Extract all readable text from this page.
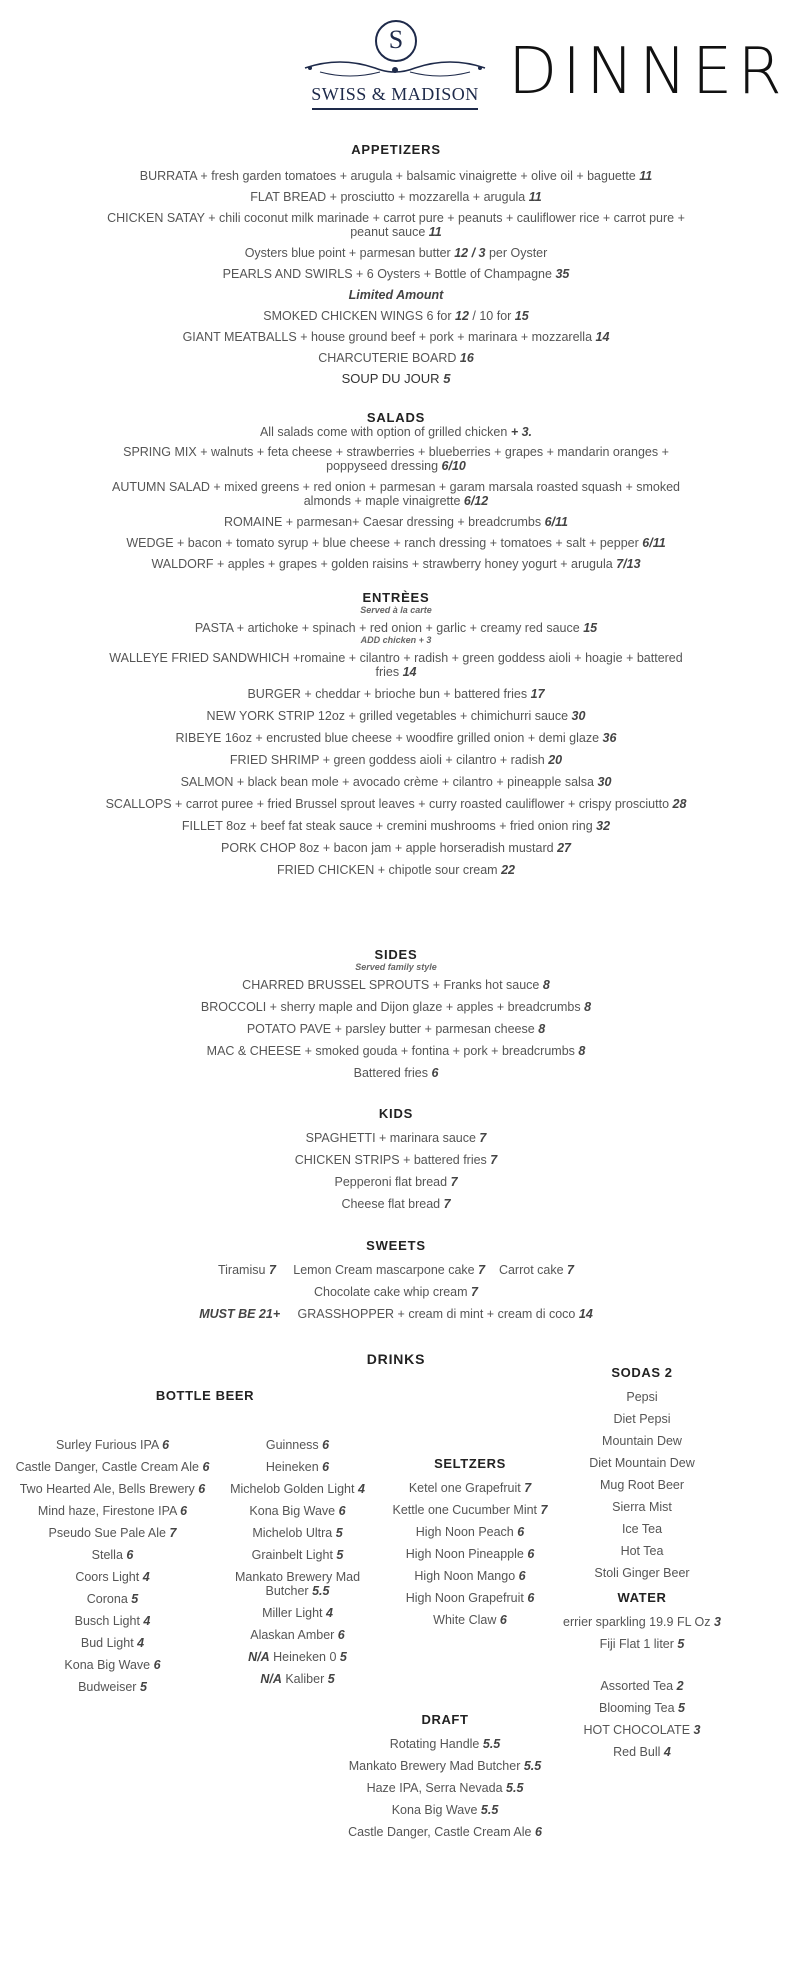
S
SWISS & MADISON DINNER
APPETIZERS
BURRATA + fresh garden tomatoes + arugula + balsamic vinaigrette + olive oil + baguette 11
FLAT BREAD + prosciutto + mozzarella + arugula 11
CHICKEN SATAY + chili coconut milk marinade + carrot pure + peanuts + cauliflower rice + carrot pure + peanut sauce 11
Oysters blue point + parmesan butter 12 / 3 per Oyster
PEARLS AND SWIRLS + 6 Oysters + Bottle of Champagne 35
Limited Amount
SMOKED CHICKEN WINGS 6 for 12 / 10 for 15
GIANT MEATBALLS + house ground beef + pork + marinara + mozzarella 14
CHARCUTERIE BOARD 16
SOUP DU JOUR 5
SALADS
All salads come with option of grilled chicken + 3.
SPRING MIX + walnuts + feta cheese + strawberries + blueberries + grapes + mandarin oranges + poppyseed dressing 6/10
AUTUMN SALAD + mixed greens + red onion + parmesan + garam marsala roasted squash + smoked almonds + maple vinaigrette 6/12
ROMAINE + parmesan+ Caesar dressing + breadcrumbs 6/11
WEDGE + bacon + tomato syrup + blue cheese + ranch dressing + tomatoes + salt + pepper 6/11
WALDORF + apples + grapes + golden raisins + strawberry honey yogurt + arugula 7/13
ENTRÈES
Served à la carte
PASTA + artichoke + spinach + red onion + garlic + creamy red sauce 15
ADD chicken + 3
WALLEYE FRIED SANDWHICH +romaine + cilantro + radish + green goddess aioli + hoagie + battered fries 14
BURGER + cheddar + brioche bun + battered fries 17
NEW YORK STRIP 12oz + grilled vegetables + chimichurri sauce 30
RIBEYE 16oz + encrusted blue cheese + woodfire grilled onion + demi glaze 36
FRIED SHRIMP + green goddess aioli + cilantro + radish 20
SALMON + black bean mole + avocado crème + cilantro + pineapple salsa 30
SCALLOPS + carrot puree + fried Brussel sprout leaves + curry roasted cauliflower + crispy prosciutto 28
FILLET 8oz + beef fat steak sauce + cremini mushrooms + fried onion ring 32
PORK CHOP 8oz + bacon jam + apple horseradish mustard 27
FRIED CHICKEN + chipotle sour cream 22
SIDES
Served family style
CHARRED BRUSSEL SPROUTS + Franks hot sauce 8
BROCCOLI + sherry maple and Dijon glaze + apples + breadcrumbs 8
POTATO PAVE + parsley butter + parmesan cheese 8
MAC & CHEESE + smoked gouda + fontina + pork + breadcrumbs 8
Battered fries 6
KIDS
SPAGHETTI + marinara sauce 7
CHICKEN STRIPS + battered fries 7
Pepperoni flat bread 7
Cheese flat bread 7
SWEETS
Tiramisu 7 Lemon Cream mascarpone cake 7 Carrot cake 7
Chocolate cake whip cream 7
MUST BE 21+ GRASSHOPPER + cream di mint + cream di coco 14
DRINKS
BOTTLE BEER
Surley Furious IPA 6
Castle Danger, Castle Cream Ale 6
Two Hearted Ale, Bells Brewery 6
Mind haze, Firestone IPA 6
Pseudo Sue Pale Ale 7
Stella 6
Coors Light 4
Corona 5
Busch Light 4
Bud Light 4
Kona Big Wave 6
Budweiser 5
Guinness 6
Heineken 6
Michelob Golden Light 4
Kona Big Wave 6
Michelob Ultra 5
Grainbelt Light 5
Mankato Brewery Mad Butcher 5.5
Miller Light 4
Alaskan Amber 6
N/A Heineken 0 5
N/A Kaliber 5
SELTZERS
Ketel one Grapefruit 7
Kettle one Cucumber Mint 7
High Noon Peach 6
High Noon Pineapple 6
High Noon Mango 6
High Noon Grapefruit 6
White Claw 6
SODAS 2
Pepsi
Diet Pepsi
Mountain Dew
Diet Mountain Dew
Mug Root Beer
Sierra Mist
Ice Tea
Hot Tea
Stoli Ginger Beer
WATER
errier sparkling 19.9 FL Oz 3
Fiji Flat 1 liter 5
Assorted Tea 2
Blooming Tea 5
HOT CHOCOLATE 3
Red Bull 4
DRAFT
Rotating Handle 5.5
Mankato Brewery Mad Butcher 5.5
Haze IPA, Serra Nevada 5.5
Kona Big Wave 5.5
Castle Danger, Castle Cream Ale 6
